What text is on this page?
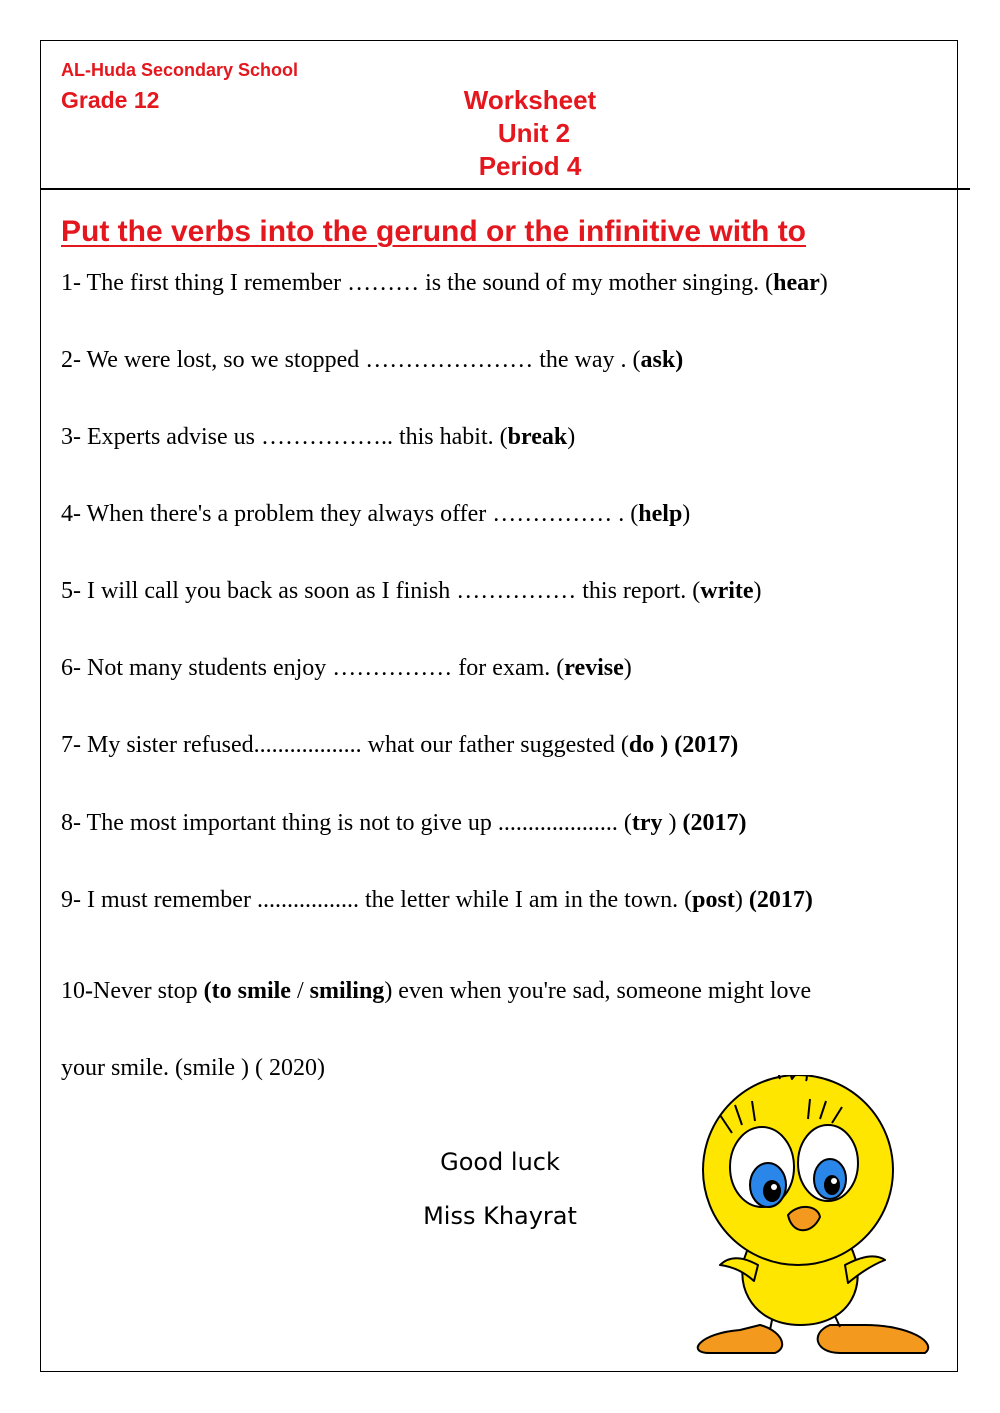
AL-Huda Secondary School
Grade 12	Worksheet
Unit 2
Period 4
Put the verbs into the gerund or the infinitive with to
1- The first thing I remember ……… is the sound of my mother singing. (hear)
2- We were lost, so we stopped ………………… the way . (ask)
3- Experts advise us …………….. this habit. (break)
4- When there's a problem they always offer …………… . (help)
5- I will call you back as soon as I finish …………… this report. (write)
6- Not many students enjoy …………… for exam. (revise)
7- My sister refused.................. what our father suggested (do ) (2017)
8- The most important thing is not to give up .................... (try ) (2017)
9- I must remember ................. the letter while I am in the town. (post) (2017)
10-Never stop (to smile / smiling) even when you're sad, someone might love
your smile. (smile ) ( 2020)
Good luck
Miss Khayrat
